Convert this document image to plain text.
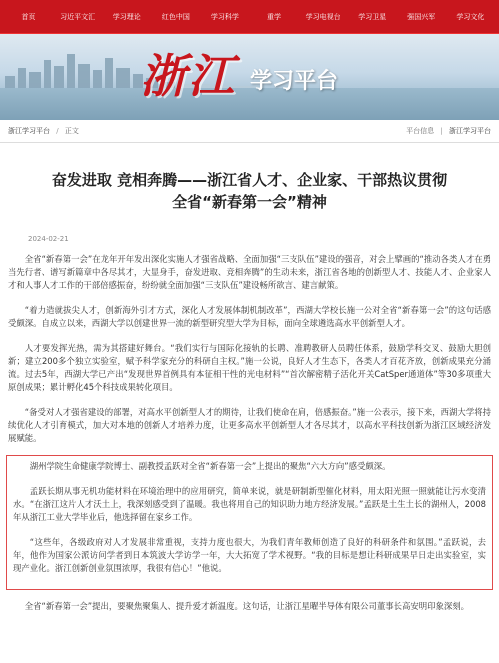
首页	习近平文汇	学习理论	红色中国	学习科学	重学	学习电视台	学习卫星	强国兴军	学习文化
浙江 学习平台
浙江学习平台 / 正文	平台信息 | 浙江学习平台
奋发进取 竞相奔腾——浙江省人才、企业家、干部热议贯彻
全省“新春第一会”精神
2024-02-21

全省“新春第一会”在龙年开年发出深化实施人才强省战略、全面加强“三支队伍”建设的强音，对会上擘画的“推动各类人才在勇当先行者、谱写新篇章中各尽其才，大显身手，奋发进取、竞相奔腾”的生动未来，浙江省各地的创新型人才、技能人才、企业家人才和人事人才工作的干部倍感振奋，纷纷就全面加强“三支队伍”建设畅所欲言、建言献策。

“着力造就拔尖人才，创新海外引才方式，深化人才发展体制机制改革”，西湖大学校长施一公对全省“新春第一会”的这句话感受颇深。自成立以来，西湖大学以创建世界一流的新型研究型大学为目标，面向全球遴选高水平创新型人才。

人才要发挥光热，需为其搭建好舞台。“我们实行与国际化接轨的长聘、准聘教研人员聘任体系，鼓励学科交叉、鼓励大胆创新；建立200多个独立实验室，赋予科学家充分的科研自主权。”施一公说，良好人才生态下，各类人才百花齐放，创新成果充分涌流。过去5年，西湖大学已产出“发现世界首例具有本征相干性的光电材料”“首次解密精子活化开关CatSper通道体”等30多项重大原创成果；累计孵化45个科技成果转化项目。

“备受对人才强省建设的部署，对高水平创新型人才的期待，让我们使命在肩，倍感振奋。”施一公表示，接下来，西湖大学将持续优化人才引育模式，加大对本地的创新人才培养力度，让更多高水平创新型人才各尽其才，以高水平科技创新为浙江区域经济发展赋能。

湖州学院生命健康学院博士、副教授孟跃对全省“新春第一会”上提出的聚焦“六大方向”感受颇深。

孟跃长期从事无机功能材料在环境治理中的应用研究，简单来说，就是研制新型催化材料，用太阳光照一照就能让污水变清水。“在浙江这片人才沃土上，我深刻感受到了温暖。我也将用自己的知识助力地方经济发展。”孟跃是土生土长的湖州人，2008年从浙江工业大学毕业后，他选择留在家乡工作。

“这些年，各级政府对人才发展非常重视，支持力度也很大，为我们青年教师创造了良好的科研条件和氛围。”孟跃说，去年，他作为国家公派访问学者到日本筑波大学访学一年，大大拓宽了学术视野。“我的目标是想让科研成果早日走出实验室，实现产业化。浙江创新创业氛围浓厚，我很有信心！”他说。

全省“新春第一会”提出，要聚焦聚集人、提升爱才新温度。这句话，让浙江星曜半导体有限公司董事长高安明印象深刻。
